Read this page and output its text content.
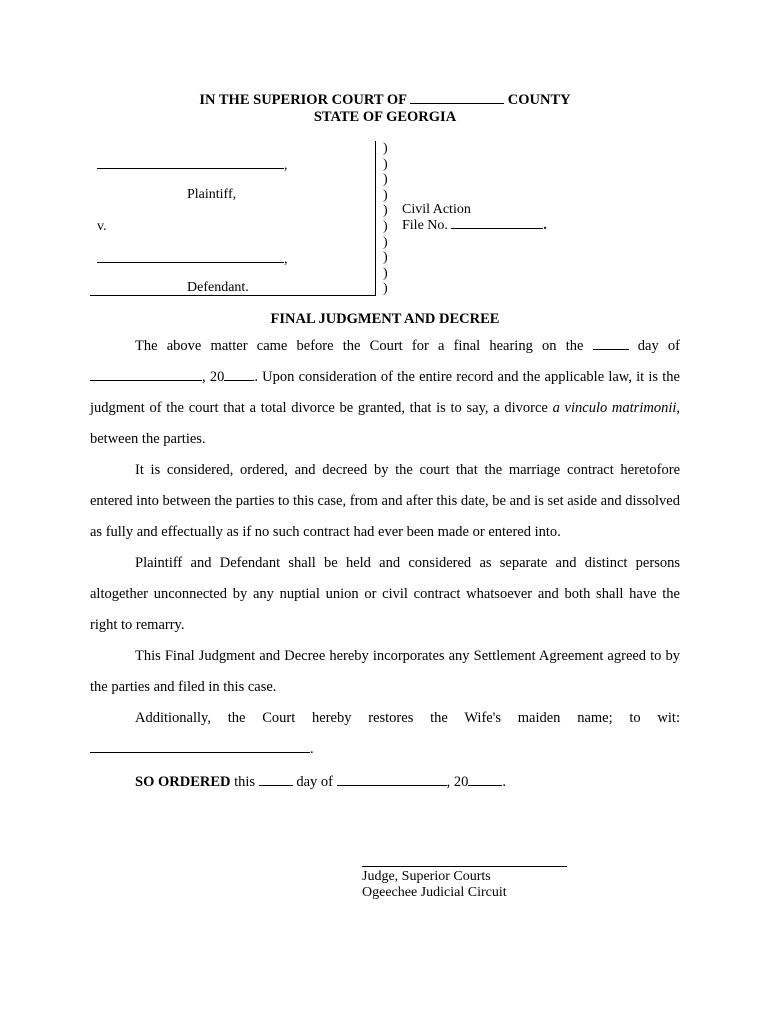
IN THE SUPERIOR COURT OF	COUNTY
STATE OF GEORGIA
,
Plaintiff,
v.
,
Defendant.
)
)
)
)
)
)
)
)
)
)
Civil Action
File No.	.
FINAL JUDGMENT AND DECREE

The above matter came before the Court for a final hearing on the	day of , 20 . Upon consideration of the entire record and the applicable law, it is the judgment of the court that a total divorce be granted, that is to say, a divorce a vinculo matrimonii, between the parties.

It is considered, ordered, and decreed by the court that the marriage contract heretofore entered into between the parties to this case, from and after this date, be and is set aside and dissolved as fully and effectually as if no such contract had ever been made or entered into.

Plaintiff and Defendant shall be held and considered as separate and distinct persons altogether unconnected by any nuptial union or civil contract whatsoever and both shall have the right to remarry.

This Final Judgment and Decree hereby incorporates any Settlement Agreement agreed to by the parties and filed in this case.

Additionally, the Court hereby restores the Wife's maiden name; to wit: .

SO ORDERED this	day of	, 20 .

Judge, Superior Courts
Ogeechee Judicial Circuit
